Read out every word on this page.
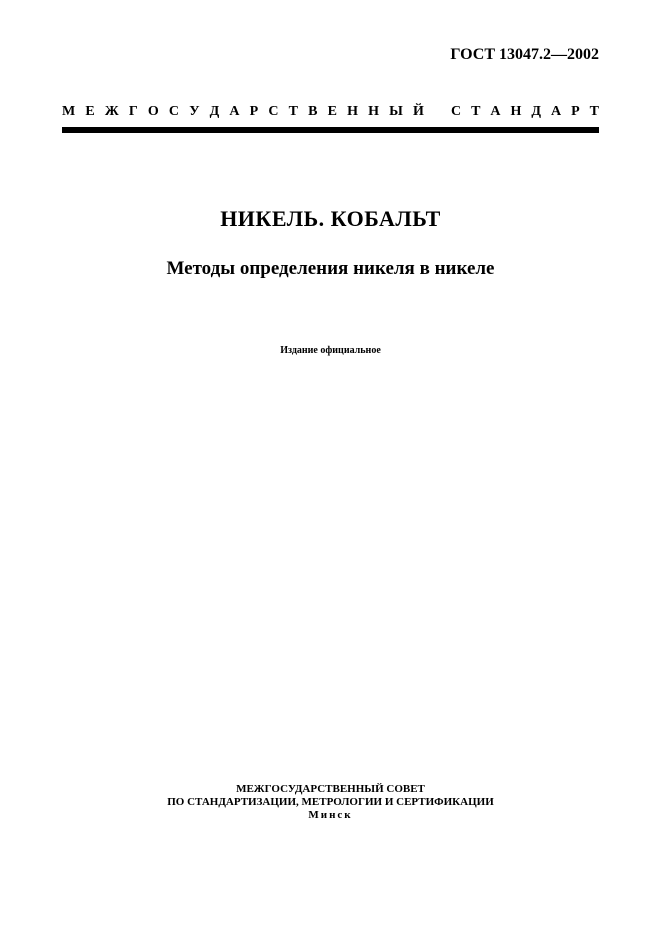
ГОСТ 13047.2—2002
М Е Ж Г О С У Д А Р С Т В Е Н Н Ы Й С Т А Н Д А Р Т
НИКЕЛЬ. КОБАЛЬТ
Методы определения никеля в никеле
Издание официальное
МЕЖГОСУДАРСТВЕННЫЙ СОВЕТ
ПО СТАНДАРТИЗАЦИИ, МЕТРОЛОГИИ И СЕРТИФИКАЦИИ
Минск
